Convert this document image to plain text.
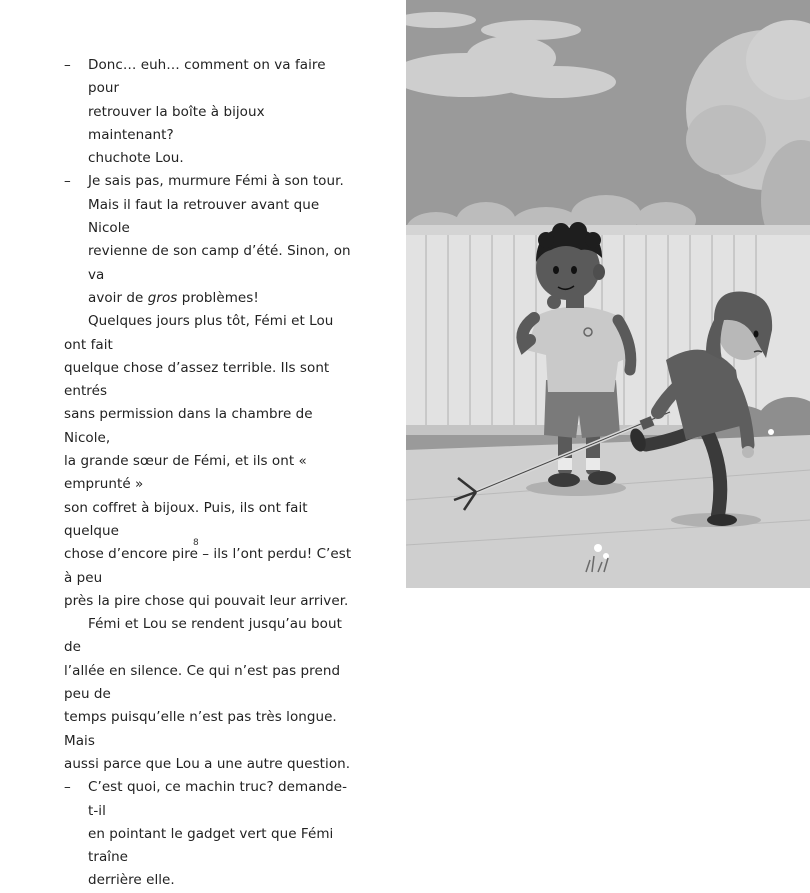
– Donc… euh… comment on va faire pour
retrouver la boîte à bijoux maintenant?
chuchote Lou.

– Je sais pas, murmure Fémi à son tour.
Mais il faut la retrouver avant que Nicole
revienne de son camp d’été. Sinon, on va
avoir de gros problèmes!

Quelques jours plus tôt, Fémi et Lou ont fait
quelque chose d’assez terrible. Ils sont entrés
sans permission dans la chambre de Nicole,
la grande sœur de Fémi, et ils ont « emprunté »
son coffret à bijoux. Puis, ils ont fait quelque
chose d’encore pire – ils l’ont perdu! C’est à peu
près la pire chose qui pouvait leur arriver.

Fémi et Lou se rendent jusqu’au bout de
l’allée en silence. Ce qui n’est pas prend peu de
temps puisqu’elle n’est pas très longue. Mais
aussi parce que Lou a une autre question.

– C’est quoi, ce machin truc? demande-t-il
en pointant le gadget vert que Fémi traîne
derrière elle.

8
